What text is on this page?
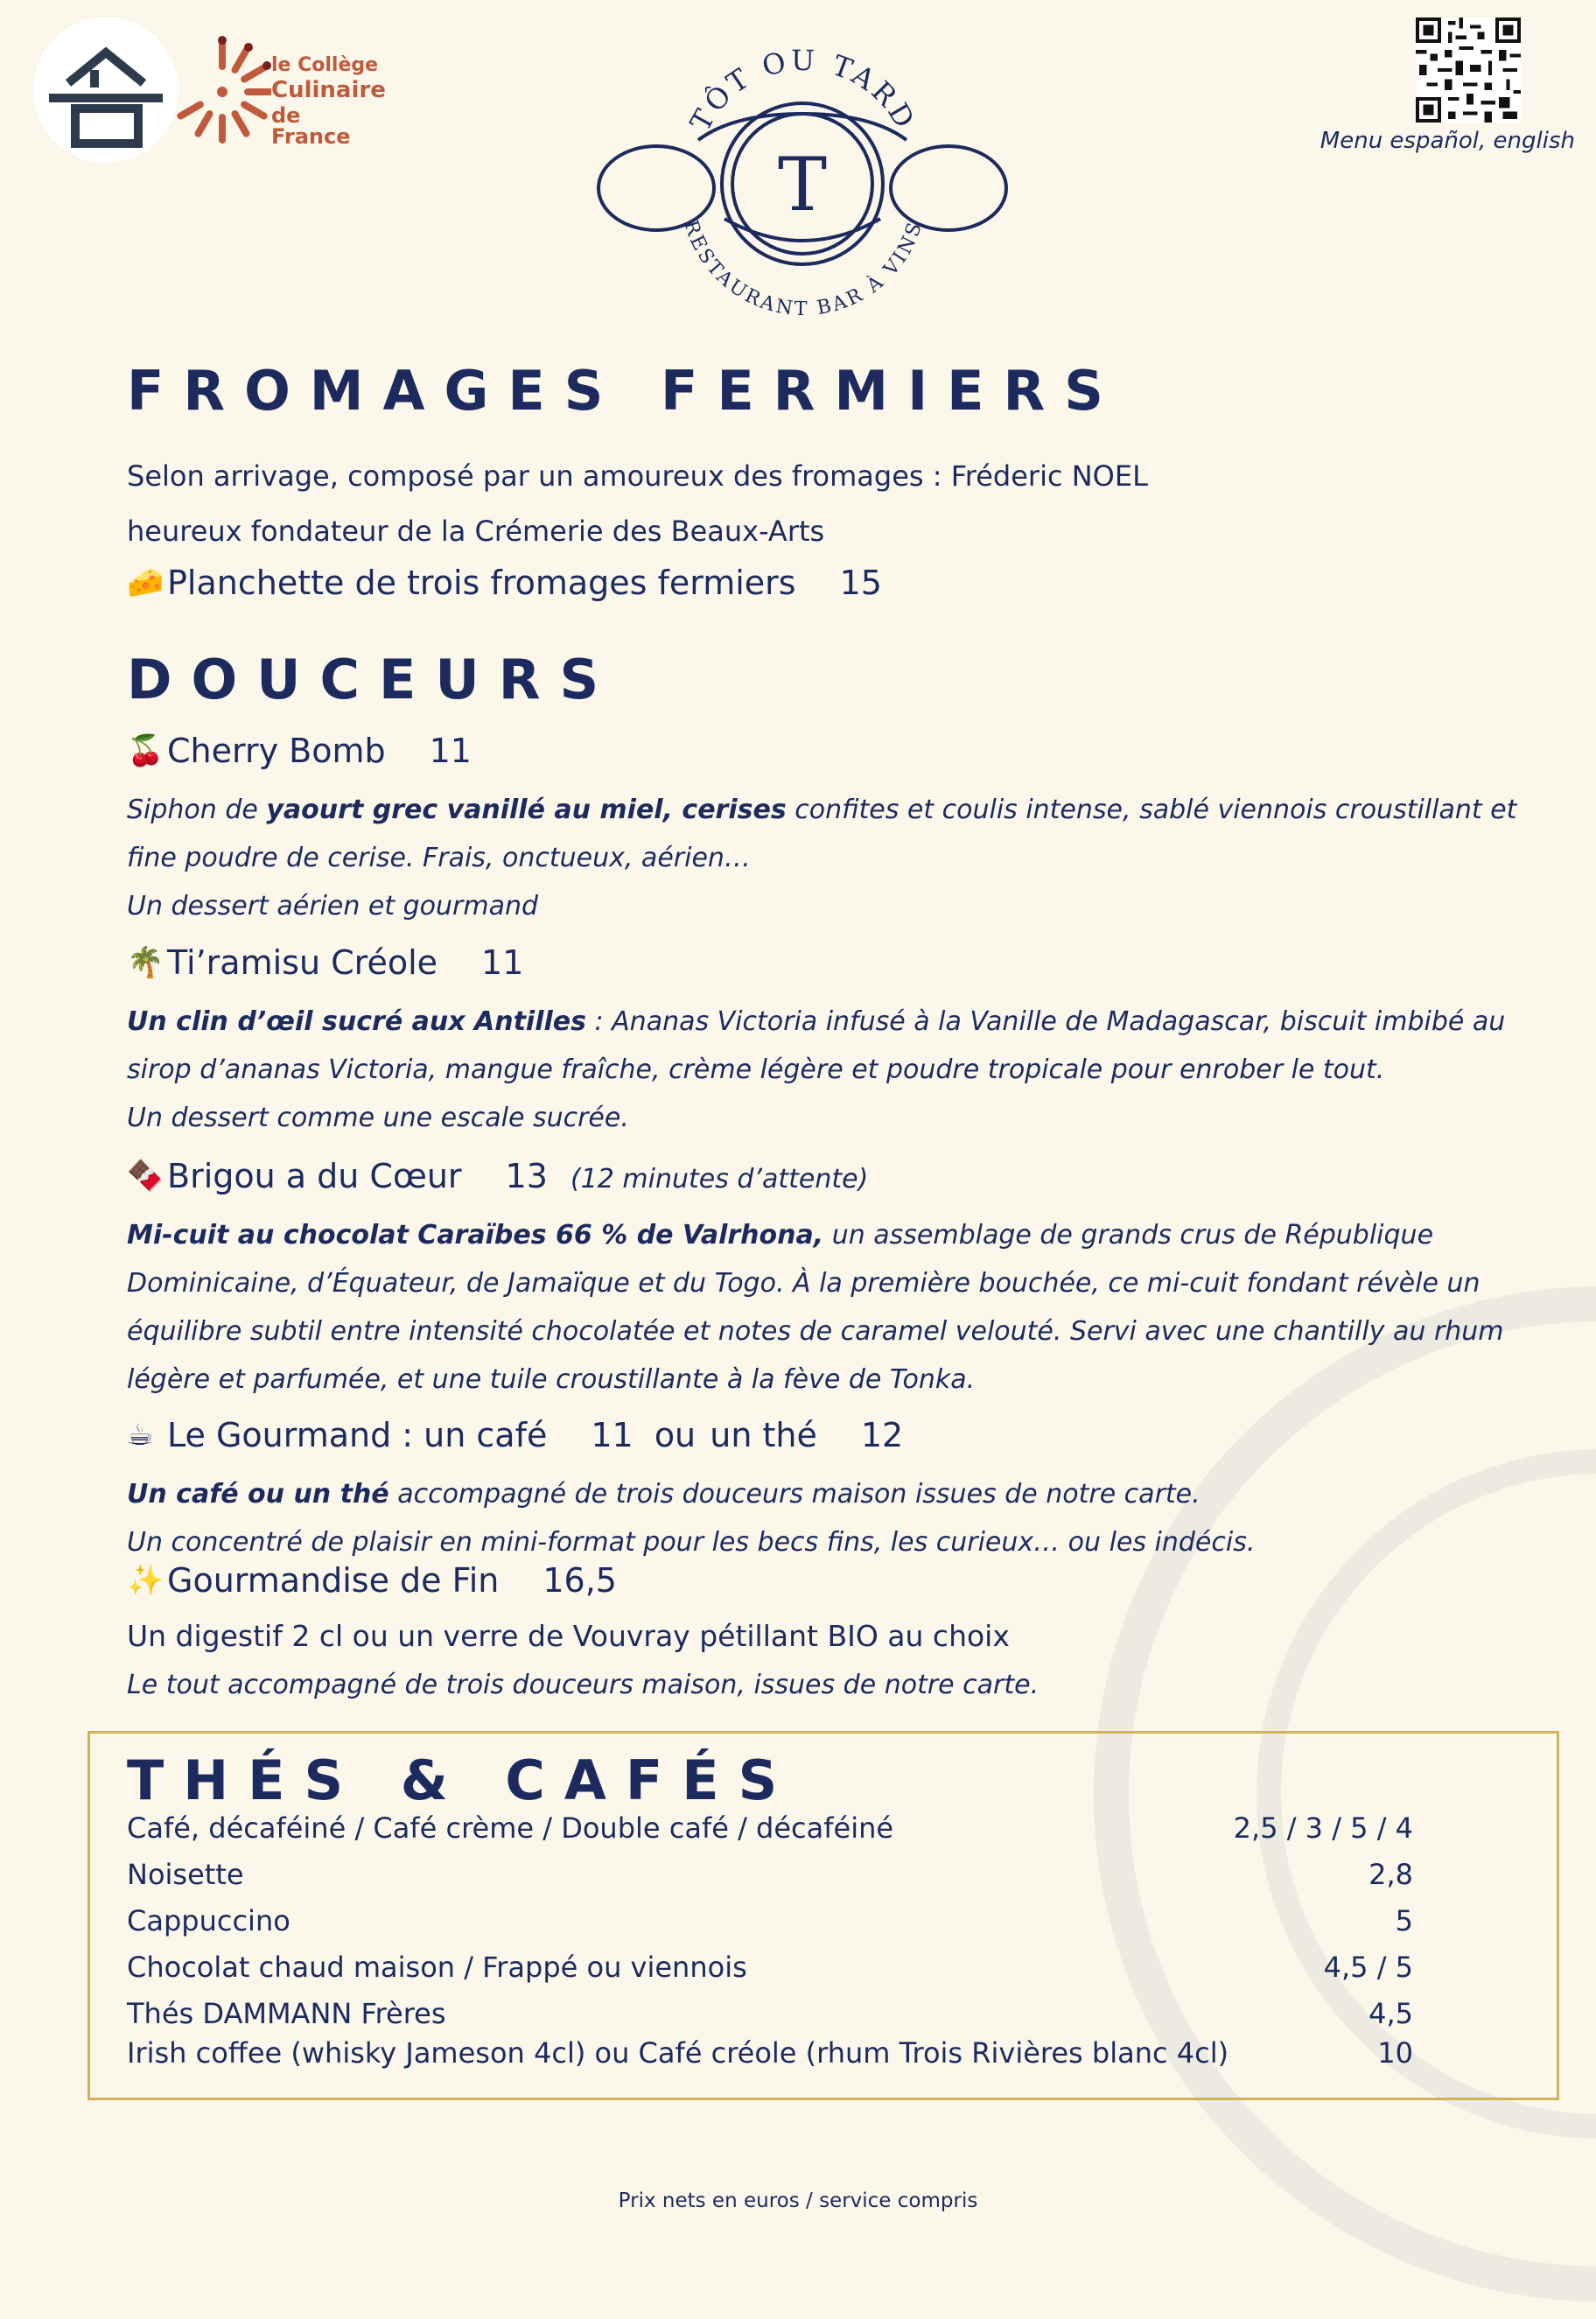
le Collège
Culinaire
de France	TÔT OU TARD
RESTAURANT BAR À VINS
T
Menu español, english
FROMAGES FERMIERS
Selon arrivage, composé par un amoureux des fromages : Fréderic NOEL
heureux fondateur de la Crémerie des Beaux-Arts
🧀Planchette de trois fromages fermiers 15
DOUCEURS
🍒Cherry Bomb 11
Siphon de yaourt grec vanillé au miel, cerises confites et coulis intense, sablé viennois croustillant et fine poudre de cerise. Frais, onctueux, aérien…
Un dessert aérien et gourmand
🌴Ti’ramisu Créole 11
Un clin d’œil sucré aux Antilles : Ananas Victoria infusé à la Vanille de Madagascar, biscuit imbibé au sirop d’ananas Victoria, mangue fraîche, crème légère et poudre tropicale pour enrober le tout.
Un dessert comme une escale sucrée.
🍫Brigou a du Cœur 13 (12 minutes d’attente)
Mi-cuit au chocolat Caraïbes 66 % de Valrhona, un assemblage de grands crus de République Dominicaine, d’Équateur, de Jamaïque et du Togo. À la première bouchée, ce mi-cuit fondant révèle un équilibre subtil entre intensité chocolatée et notes de caramel velouté. Servi avec une chantilly au rhum légère et parfumée, et une tuile croustillante à la fève de Tonka.
☕ Le Gourmand : un café 11 ou un thé 12
Un café ou un thé accompagné de trois douceurs maison issues de notre carte.
Un concentré de plaisir en mini-format pour les becs fins, les curieux… ou les indécis.
✨Gourmandise de Fin 16,5
Un digestif 2 cl ou un verre de Vouvray pétillant BIO au choix
Le tout accompagné de trois douceurs maison, issues de notre carte.
THÉS & CAFÉS
Café, décaféiné / Café crème / Double café / décaféiné	2,5 / 3 / 5 / 4
Noisette	2,8
Cappuccino	5
Chocolat chaud maison / Frappé ou viennois	4,5 / 5
Thés DAMMANN Frères	4,5
Irish coffee (whisky Jameson 4cl) ou Café créole (rhum Trois Rivières blanc 4cl)	10
Prix nets en euros / service compris
